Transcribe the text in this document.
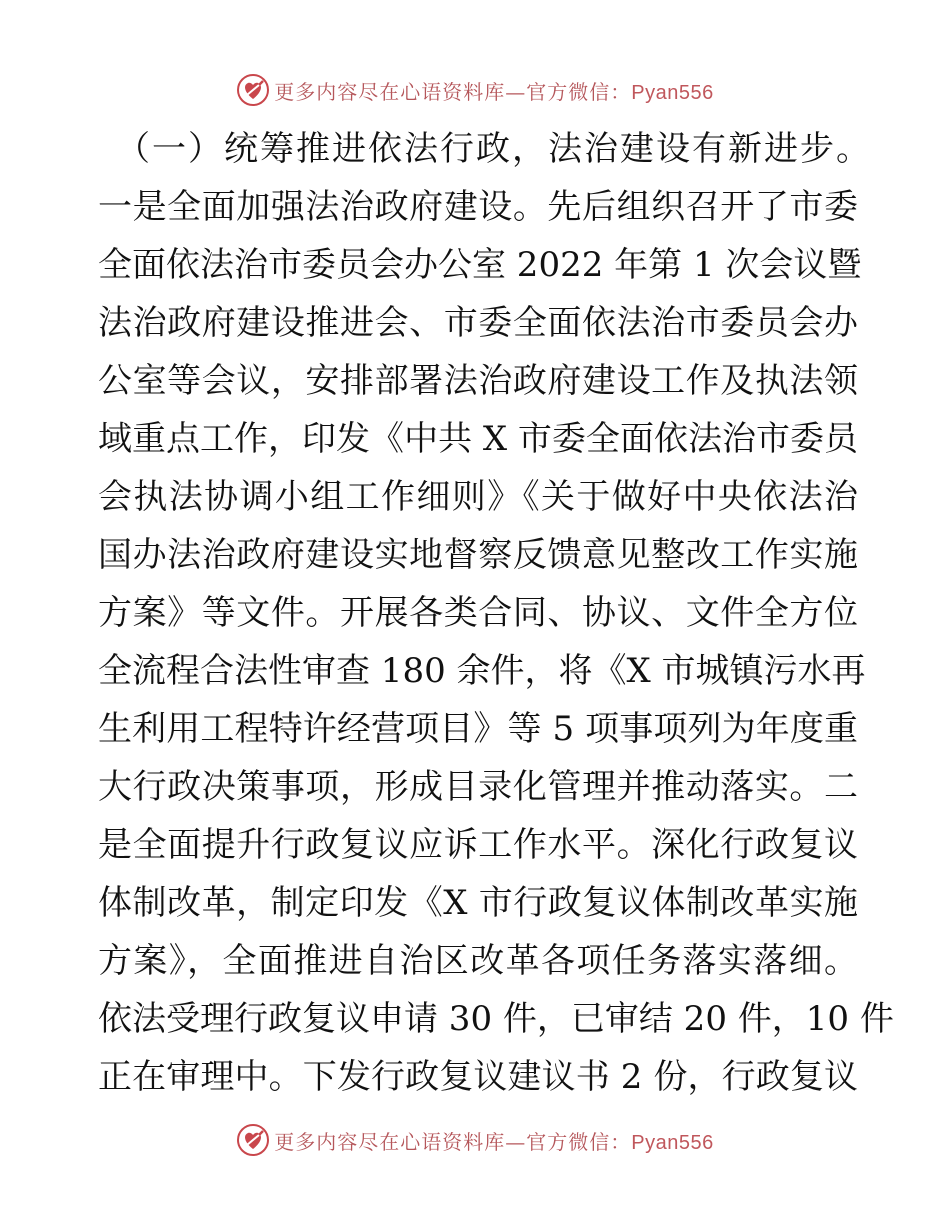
更多内容尽在心语资料库—官方微信：Pyan556
（一）统筹推进依法行政，法治建设有新进步。
一是全面加强法治政府建设。先后组织召开了市委
全面依法治市委员会办公室 2022 年第 1 次会议暨
法治政府建设推进会、市委全面依法治市委员会办
公室等会议，安排部署法治政府建设工作及执法领
域重点工作，印发《中共 X 市委全面依法治市委员
会执法协调小组工作细则》《关于做好中央依法治
国办法治政府建设实地督察反馈意见整改工作实施
方案》等文件。开展各类合同、协议、文件全方位
全流程合法性审查 180 余件，将《X 市城镇污水再
生利用工程特许经营项目》等 5 项事项列为年度重
大行政决策事项，形成目录化管理并推动落实。二
是全面提升行政复议应诉工作水平。深化行政复议
体制改革，制定印发《X 市行政复议体制改革实施
方案》，全面推进自治区改革各项任务落实落细。
依法受理行政复议申请 30 件，已审结 20 件，10 件
正在审理中。下发行政复议建议书 2 份，行政复议
更多内容尽在心语资料库—官方微信：Pyan556
